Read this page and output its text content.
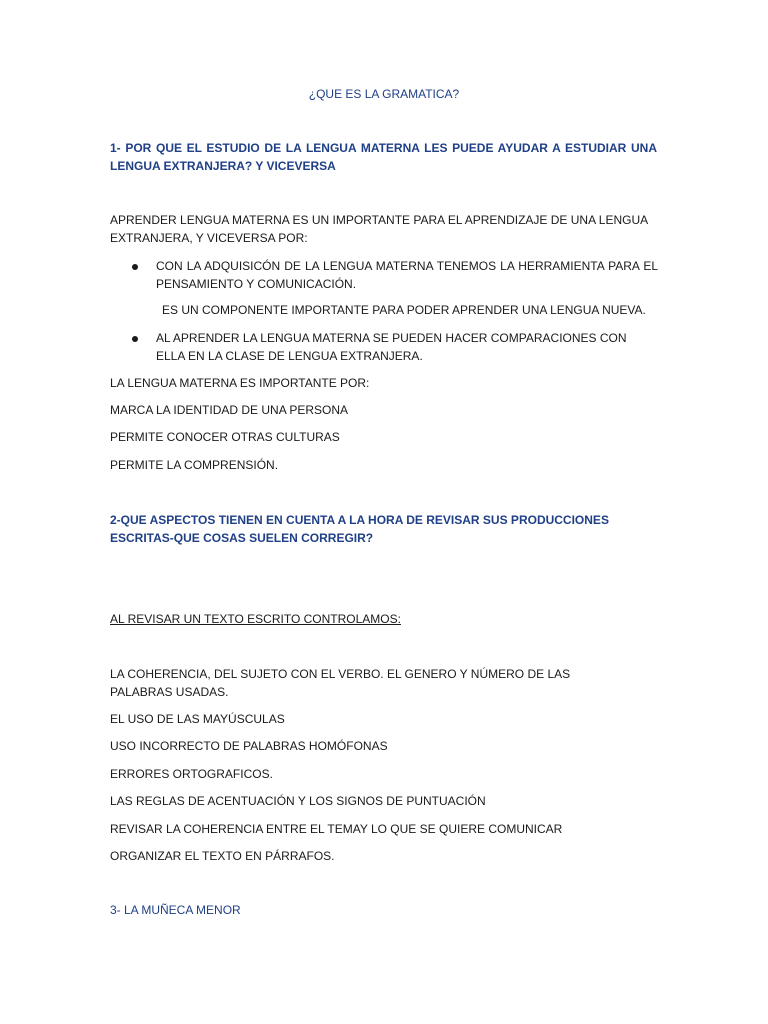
¿QUE ES LA GRAMATICA?

1- POR QUE EL ESTUDIO DE LA LENGUA MATERNA LES PUEDE AYUDAR A ESTUDIAR UNA LENGUA EXTRANJERA? Y VICEVERSA

APRENDER LENGUA MATERNA ES UN IMPORTANTE PARA EL APRENDIZAJE DE UNA LENGUA EXTRANJERA, Y VICEVERSA POR:

CON LA ADQUISICÓN DE LA LENGUA MATERNA TENEMOS LA HERRAMIENTA PARA EL PENSAMIENTO Y COMUNICACIÓN.

ES UN COMPONENTE IMPORTANTE PARA PODER APRENDER UNA LENGUA NUEVA.

AL APRENDER LA LENGUA MATERNA SE PUEDEN HACER COMPARACIONES CON ELLA EN LA CLASE DE LENGUA EXTRANJERA.

LA LENGUA MATERNA ES IMPORTANTE POR:

MARCA LA IDENTIDAD DE UNA PERSONA

PERMITE CONOCER OTRAS CULTURAS

PERMITE LA COMPRENSIÓN.

2-QUE ASPECTOS TIENEN EN CUENTA A LA HORA DE REVISAR SUS PRODUCCIONES ESCRITAS-QUE COSAS SUELEN CORREGIR?

AL REVISAR UN TEXTO ESCRITO CONTROLAMOS:

LA COHERENCIA, DEL SUJETO CON EL VERBO. EL GENERO Y NÚMERO DE LAS PALABRAS USADAS.

EL USO DE LAS MAYÚSCULAS

USO INCORRECTO DE PALABRAS HOMÓFONAS

ERRORES ORTOGRAFICOS.

LAS REGLAS DE ACENTUACIÓN Y LOS SIGNOS DE PUNTUACIÓN

REVISAR LA COHERENCIA ENTRE EL TEMAY LO QUE SE QUIERE COMUNICAR

ORGANIZAR EL TEXTO EN PÁRRAFOS.

3- LA MUÑECA MENOR
